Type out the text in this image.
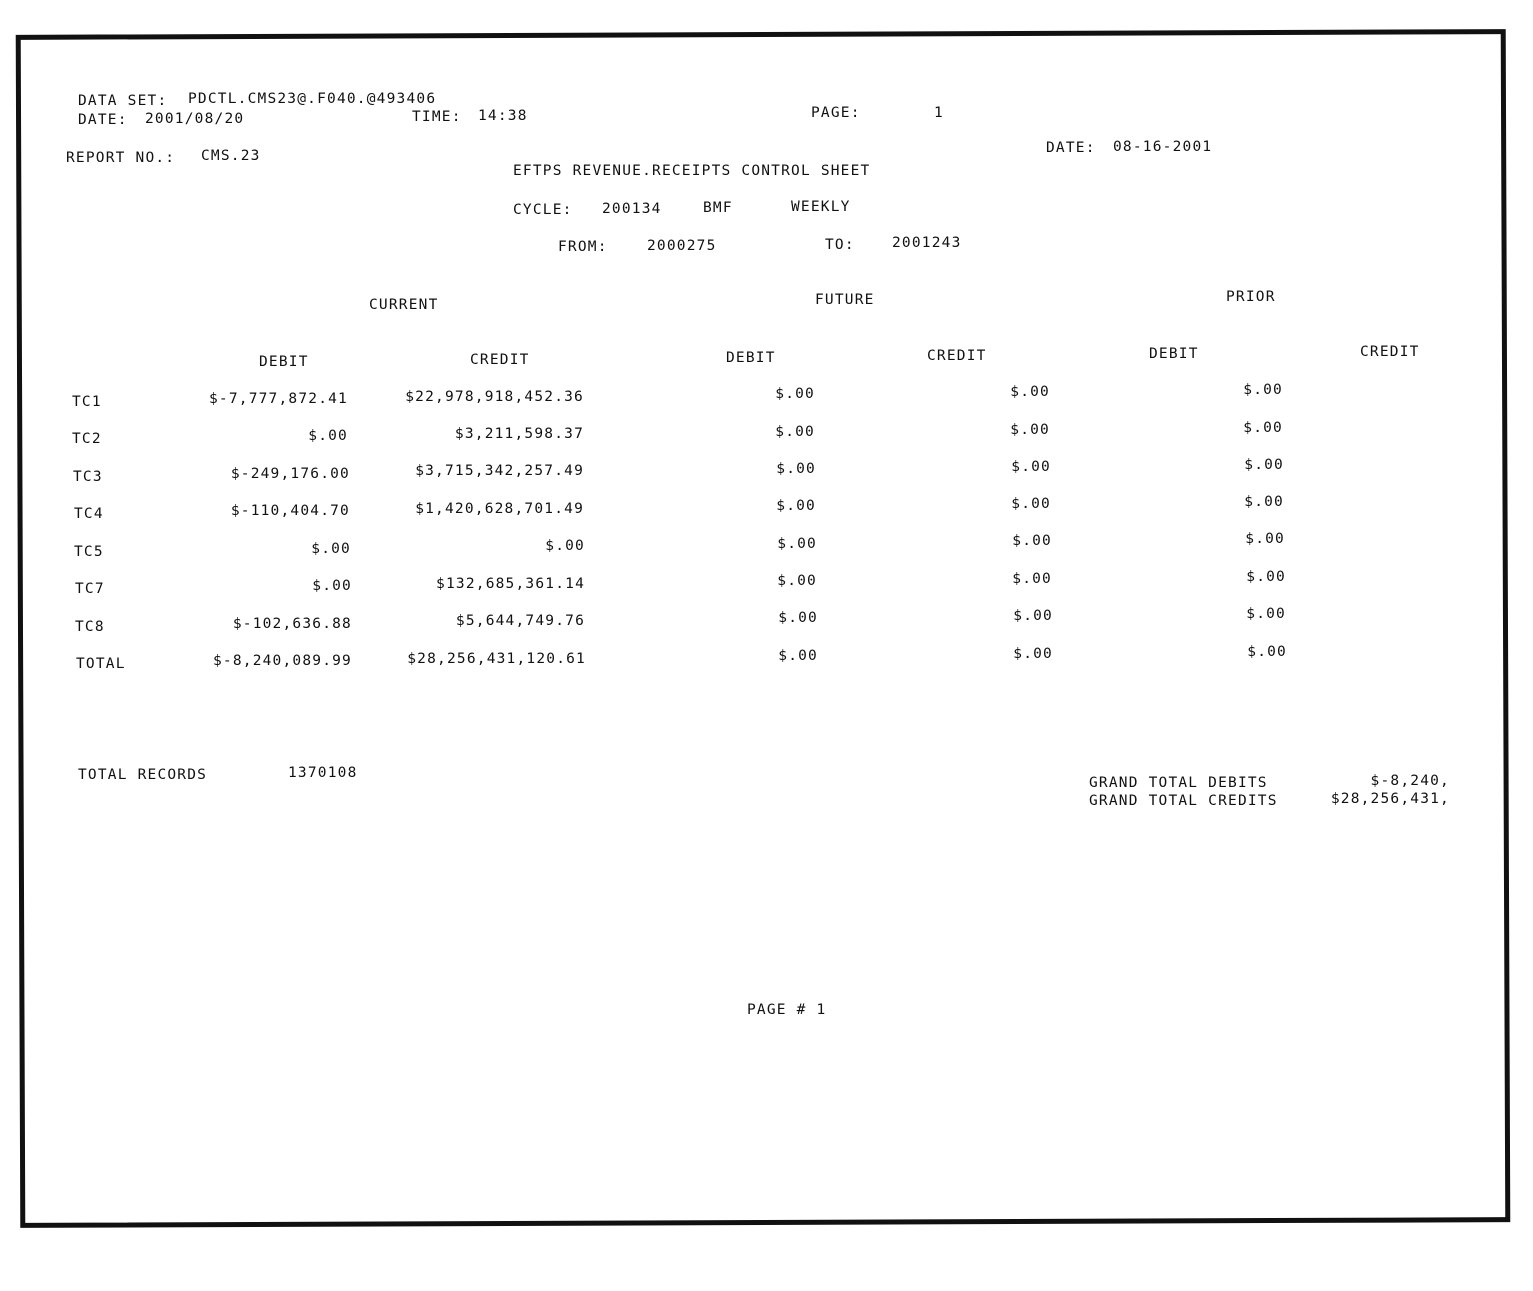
DATA SET: PDCTL.CMS23@.F040.@493406
DATE: 2001/08/20	TIME: 14:38	PAGE:	1
REPORT NO.: CMS.23	DATE: 08-16-2001
EFTPS REVENUE.RECEIPTS CONTROL SHEET
CYCLE: 200134	BMF	WEEKLY
FROM:	2000275	TO:	2001243
CURRENT	FUTURE	PRIOR
DEBIT	CREDIT	DEBIT	CREDIT	DEBIT	CREDIT
TC1	$-7,777,872.41	$22,978,918,452.36	$.00	$.00	$.00
TC2	$.00	$3,211,598.37	$.00	$.00	$.00
TC3	$-249,176.00	$3,715,342,257.49	$.00	$.00	$.00
TC4	$-110,404.70	$1,420,628,701.49	$.00	$.00	$.00
TC5	$.00	$.00	$.00	$.00	$.00
TC7	$.00	$132,685,361.14	$.00	$.00	$.00
TC8	$-102,636.88	$5,644,749.76	$.00	$.00	$.00
TOTAL	$-8,240,089.99	$28,256,431,120.61	$.00	$.00	$.00
TOTAL RECORDS	1370108
GRAND TOTAL DEBITS	$-8,240,
GRAND TOTAL CREDITS	$28,256,431,
PAGE # 1
